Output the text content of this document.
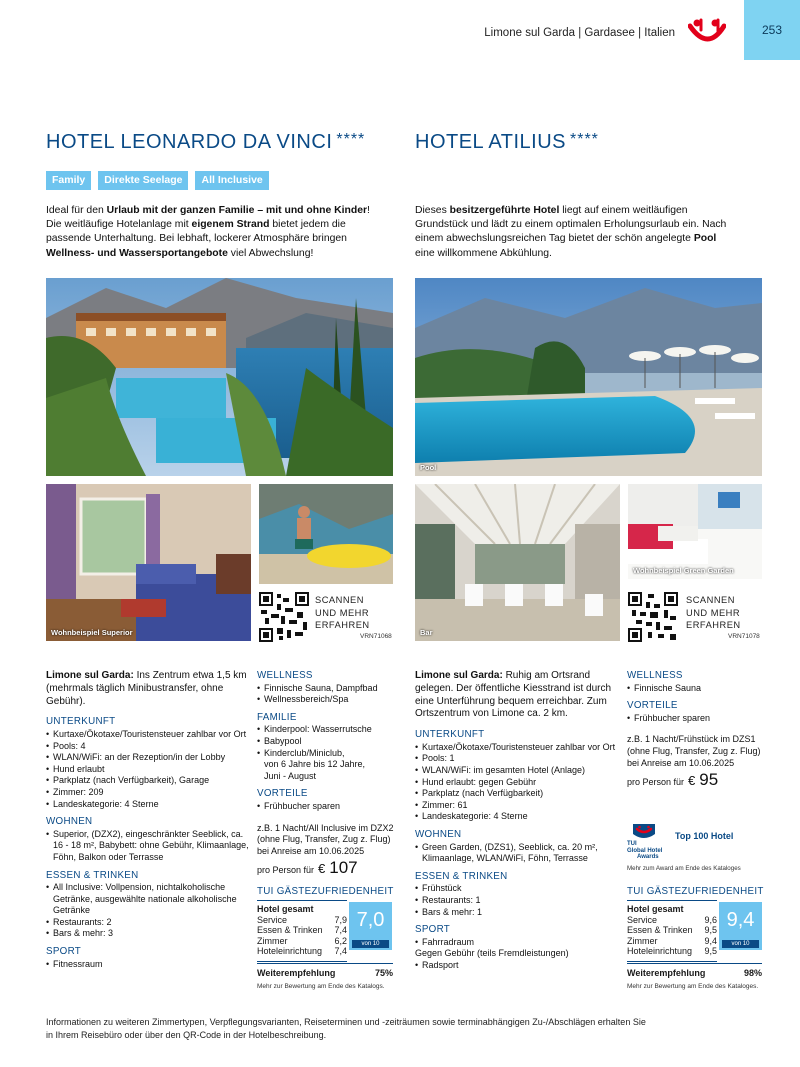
Limone sul Garda | Gardasee | Italien	253
HOTEL LEONARDO DA VINCI **** HOTEL ATILIUS ****
Family	Direkte Seelage	All Inclusive
Ideal für den Urlaub mit der ganzen Familie – mit und ohne Kinder! Die weitläufige Hotelanlage mit eigenem Strand bietet jedem die passende Unterhaltung. Bei lebhaft, lockerer Atmosphäre bringen Wellness- und Wassersportangebote viel Abwechslung!
Dieses besitzergeführte Hotel liegt auf einem weitläufigen Grundstück und lädt zu einem optimalen Erholungsurlaub ein. Nach einem abwechslungsreichen Tag bietet der schön angelegte Pool eine willkommene Abkühlung.
Wohnbeispiel Superior
SCANNEN
UND MEHR
ERFAHREN
VRN71068
Pool
Bar
Wohnbeispiel Green Garden
SCANNEN
UND MEHR
ERFAHREN
VRN71078
Limone sul Garda: Ins Zentrum etwa 1,5 km (mehrmals täglich Minibustransfer, ohne Gebühr).
UNTERKUNFT
• Kurtaxe/Ökotaxe/Touristensteuer zahlbar vor Ort
• Pools: 4
• WLAN/WiFi: an der Rezeption/in der Lobby
• Hund erlaubt
• Parkplatz (nach Verfügbarkeit), Garage
• Zimmer: 209
• Landeskategorie: 4 Sterne
WOHNEN
• Superior, (DZX2), eingeschränkter Seeblick, ca. 16 - 18 m², Babybett: ohne Gebühr, Klimaanlage, Föhn, Balkon oder Terrasse
ESSEN & TRINKEN
• All Inclusive: Vollpension, nichtalkoholische Getränke, ausgewählte nationale alkoholische Getränke
• Restaurants: 2
• Bars & mehr: 3
SPORT
• Fitnessraum
WELLNESS
• Finnische Sauna, Dampfbad
• Wellnessbereich/Spa
FAMILIE
• Kinderpool: Wasserrutsche
• Babypool
• Kinderclub/Miniclub,
von 6 Jahre bis 12 Jahre,
Juni - August
VORTEILE
• Frühbucher sparen
z.B. 1 Nacht/All Inclusive im DZX2
(ohne Flug, Transfer, Zug z. Flug)
bei Anreise am 10.06.2025
pro Person für € 107
TUI GÄSTEZUFRIEDENHEIT
Hotel gesamt
Service	7,9
Essen & Trinken	7,4
Zimmer	6,2
Hoteleinrichtung	7,4
7,0
von 10
Weiterempfehlung	75%
Mehr zur Bewertung am Ende des Katalogs.
Limone sul Garda: Ruhig am Ortsrand gelegen. Der öffentliche Kiesstrand ist durch eine Unterführung bequem erreichbar. Zum Ortszentrum von Limone ca. 2 km.
UNTERKUNFT
• Kurtaxe/Ökotaxe/Touristensteuer zahlbar vor Ort
• Pools: 1
• WLAN/WiFi: im gesamten Hotel (Anlage)
• Hund erlaubt: gegen Gebühr
• Parkplatz (nach Verfügbarkeit)
• Zimmer: 61
• Landeskategorie: 4 Sterne
WOHNEN
• Green Garden, (DZS1), Seeblick, ca. 20 m², Klimaanlage, WLAN/WiFi, Föhn, Terrasse
ESSEN & TRINKEN
• Frühstück
• Restaurants: 1
• Bars & mehr: 1
SPORT
• Fahrradraum
Gegen Gebühr (teils Fremdleistungen)
• Radsport
WELLNESS
• Finnische Sauna
VORTEILE
• Frühbucher sparen
z.B. 1 Nacht/Frühstück im DZS1
(ohne Flug, Transfer, Zug z. Flug)
bei Anreise am 10.06.2025
pro Person für € 95
Top 100 Hotel
TUI
Global Hotel
Awards
Mehr zum Award am Ende des Kataloges
TUI GÄSTEZUFRIEDENHEIT
Hotel gesamt
Service	9,6
Essen & Trinken	9,5
Zimmer	9,4
Hoteleinrichtung	9,5
9,4
von 10
Weiterempfehlung	98%
Mehr zur Bewertung am Ende des Kataloges.
Informationen zu weiteren Zimmertypen, Verpflegungsvarianten, Reiseterminen und -zeiträumen sowie terminabhängigen Zu-/Abschlägen erhalten Sie in Ihrem Reisebüro oder über den QR-Code in der Hotelbeschreibung.
